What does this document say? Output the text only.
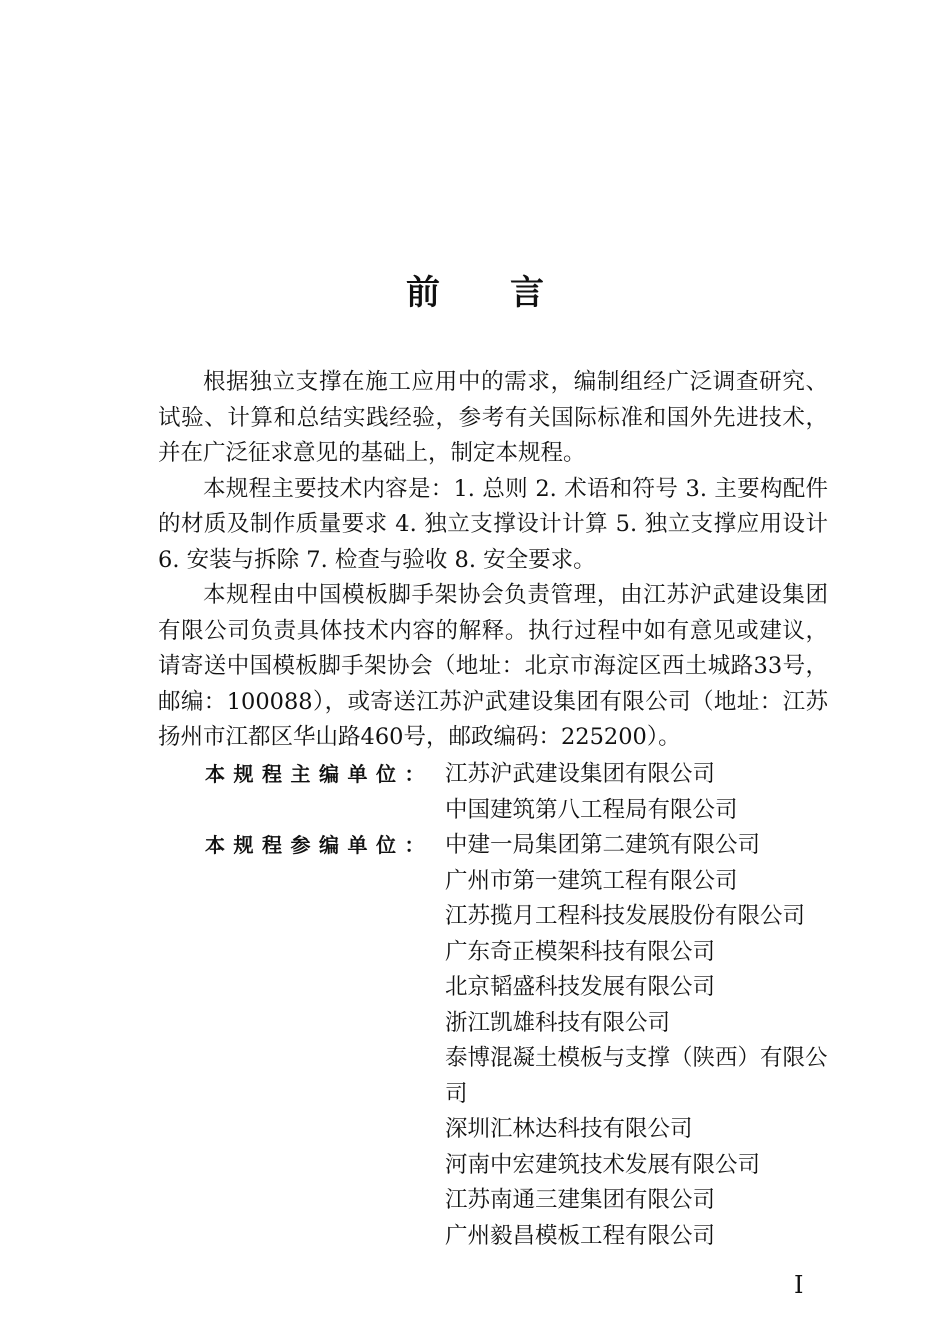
前 言

根据独立支撑在施工应用中的需求，编制组经广泛调查研究、试验、计算和总结实践经验，参考有关国际标准和国外先进技术，并在广泛征求意见的基础上，制定本规程。

本规程主要技术内容是：1. 总则 2. 术语和符号 3. 主要构配件的材质及制作质量要求 4. 独立支撑设计计算 5. 独立支撑应用设计 6. 安装与拆除 7. 检查与验收 8. 安全要求。

本规程由中国模板脚手架协会负责管理，由江苏沪武建设集团有限公司负责具体技术内容的解释。执行过程中如有意见或建议，请寄送中国模板脚手架协会（地址：北京市海淀区西土城路33号，邮编：100088），或寄送江苏沪武建设集团有限公司（地址：江苏扬州市江都区华山路460号，邮政编码：225200）。

本规程主编单位： 江苏沪武建设集团有限公司
中国建筑第八工程局有限公司
本规程参编单位： 中建一局集团第二建筑有限公司
广州市第一建筑工程有限公司
江苏揽月工程科技发展股份有限公司
广东奇正模架科技有限公司
北京韬盛科技发展有限公司
浙江凯雄科技有限公司
泰博混凝土模板与支撑（陕西）有限公司
深圳汇林达科技有限公司
河南中宏建筑技术发展有限公司
江苏南通三建集团有限公司
广州毅昌模板工程有限公司
I
